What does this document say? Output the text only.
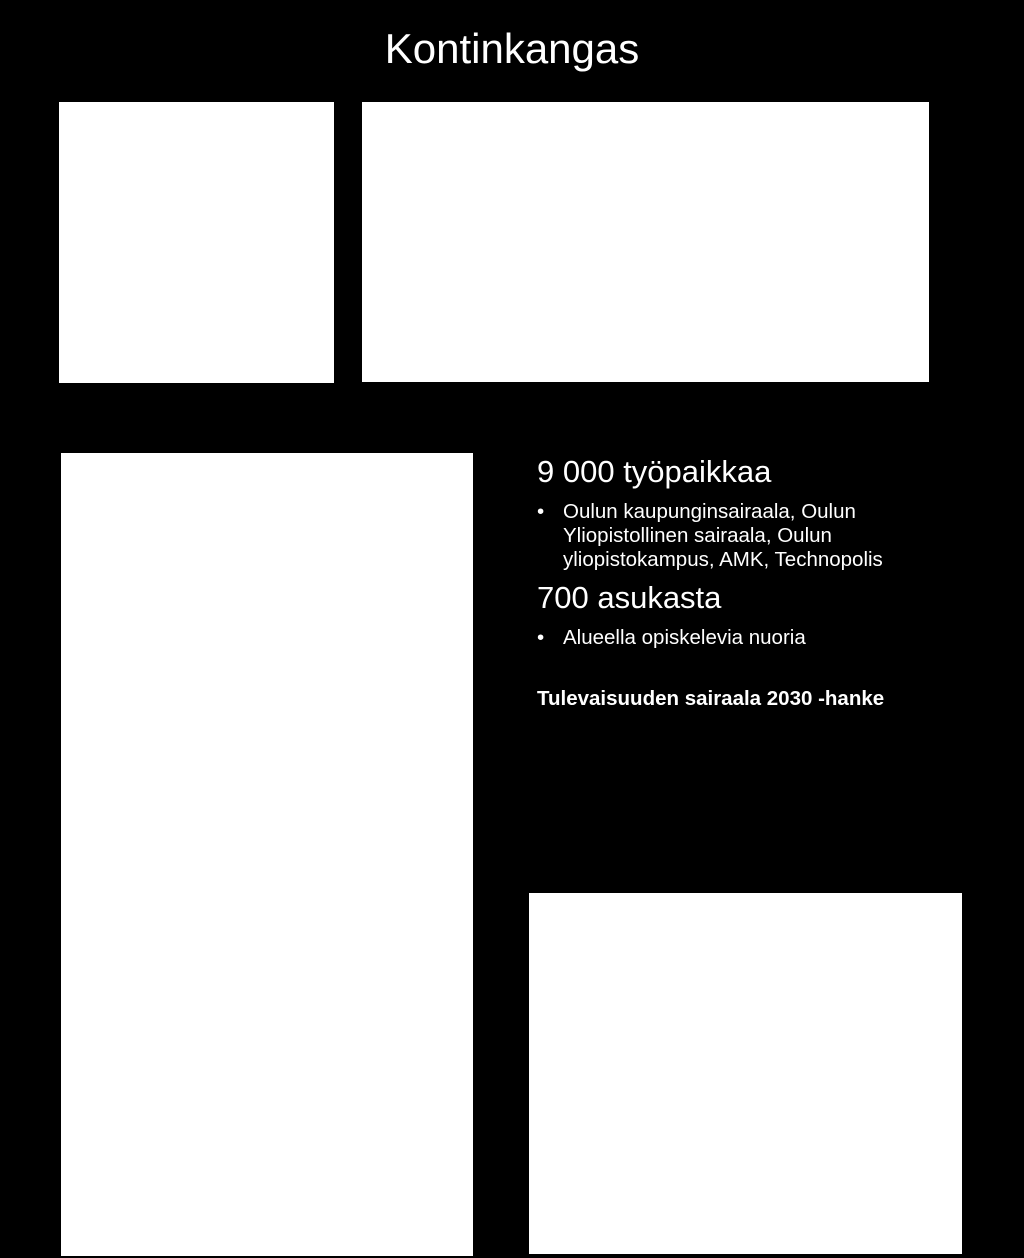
Kontinkangas

9 000 työpaikkaa

• Oulun kaupunginsairaala, Oulun Yliopistollinen sairaala, Oulun yliopistokampus, AMK, Technopolis

700 asukasta

• Alueella opiskelevia nuoria
Tulevaisuuden sairaala 2030 -hanke
